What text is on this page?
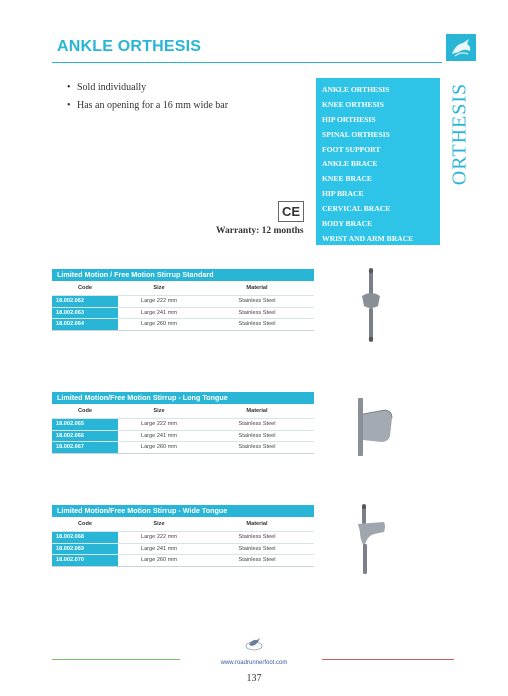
ANKLE ORTHESIS
• Sold individually
• Has an opening for a 16 mm wide bar
CE
Warranty: 12 months
ANKLE ORTHESIS
KNEE ORTHESIS
HIP ORTHESIS
SPINAL ORTHESIS
FOOT SUPPORT
ANKLE BRACE
KNEE BRACE
HIP BRACE
CERVICAL BRACE
BODY BRACE
WRIST AND ARM BRACE
ORTHESIS
Limited Motion / Free Motion Stirrup Standard
Code	Size	Material
18.002.062	Large 222 mm	Stainless Steel
18.002.063	Large 241 mm	Stainless Steel
18.002.064	Large 260 mm	Stainless Steel
Limited Motion/Free Motion Stirrup - Long Tongue
Code	Size	Material
18.002.065	Large 222 mm	Stainless Steel
18.002.066	Large 241 mm	Stainless Steel
18.002.067	Large 260 mm	Stainless Steel
Limited Motion/Free Motion Stirrup - Wide Tongue
Code	Size	Material
18.002.068	Large 222 mm	Stainless Steel
18.002.069	Large 241 mm	Stainless Steel
18.002.070	Large 260 mm	Stainless Steel
www.roadrunnerfoot.com
137
